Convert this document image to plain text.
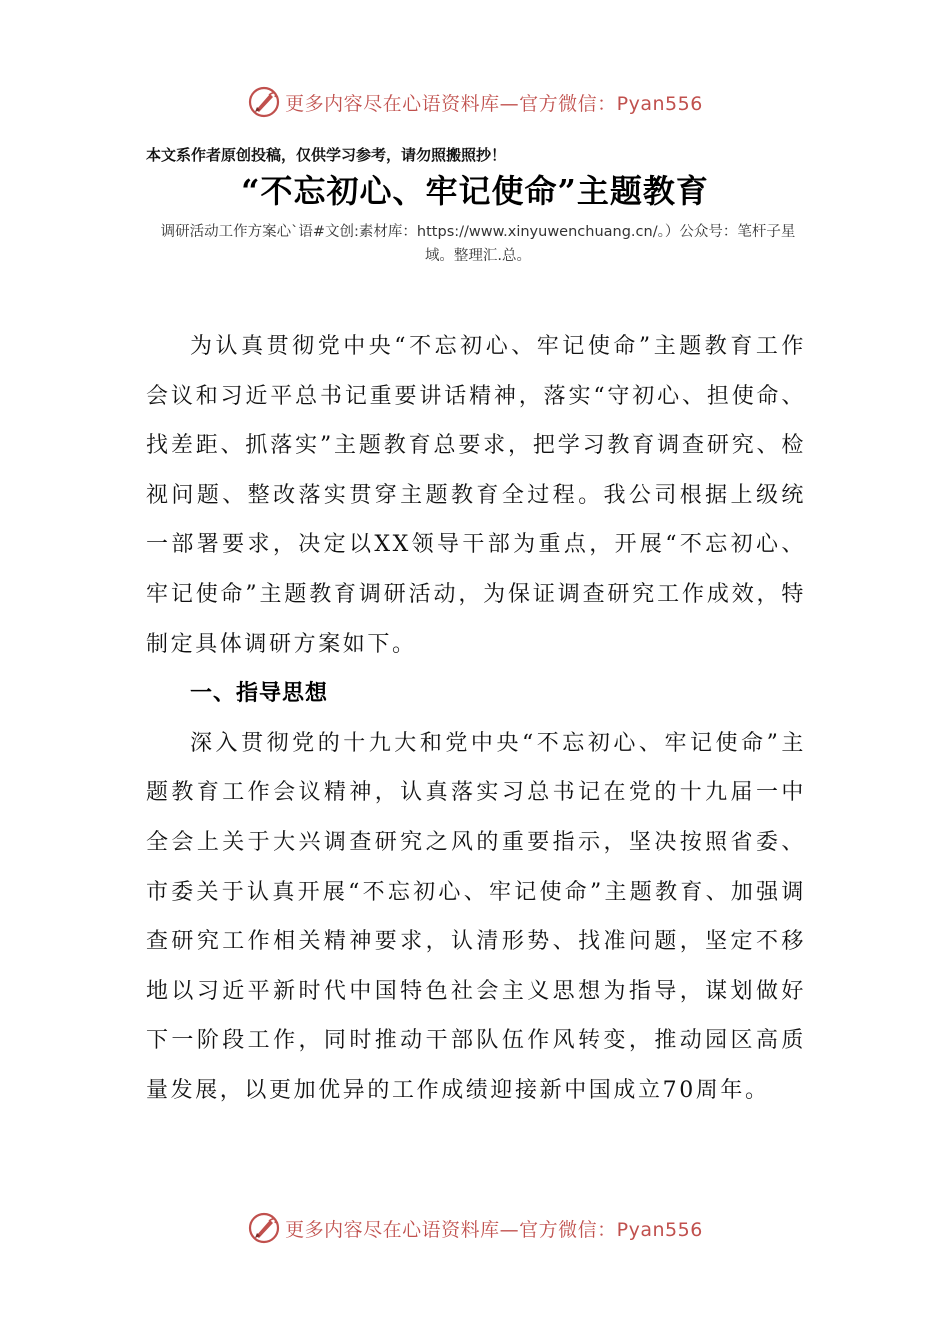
更多内容尽在心语资料库—官方微信：Pyan556
本文系作者原创投稿，仅供学习参考，请勿照搬照抄！
“不忘初心、牢记使命”主题教育
调研活动工作方案心`语#文创:素材库：https://www.xinyuwenchuang.cn/。）公众号：笔杆子星域。整理汇.总。

为认真贯彻党中央“不忘初心、牢记使命”主题教育工作会议和习近平总书记重要讲话精神，落实“守初心、担使命、找差距、抓落实”主题教育总要求，把学习教育调查研究、检视问题、整改落实贯穿主题教育全过程。我公司根据上级统一部署要求，决定以XX领导干部为重点，开展“不忘初心、牢记使命”主题教育调研活动，为保证调查研究工作成效，特制定具体调研方案如下。

一、指导思想

深入贯彻党的十九大和党中央“不忘初心、牢记使命”主题教育工作会议精神，认真落实习总书记在党的十九届一中全会上关于大兴调查研究之风的重要指示，坚决按照省委、市委关于认真开展“不忘初心、牢记使命”主题教育、加强调查研究工作相关精神要求，认清形势、找准问题，坚定不移地以习近平新时代中国特色社会主义思想为指导，谋划做好下一阶段工作，同时推动干部队伍作风转变，推动园区高质量发展，以更加优异的工作成绩迎接新中国成立70周年。

更多内容尽在心语资料库—官方微信：Pyan556
